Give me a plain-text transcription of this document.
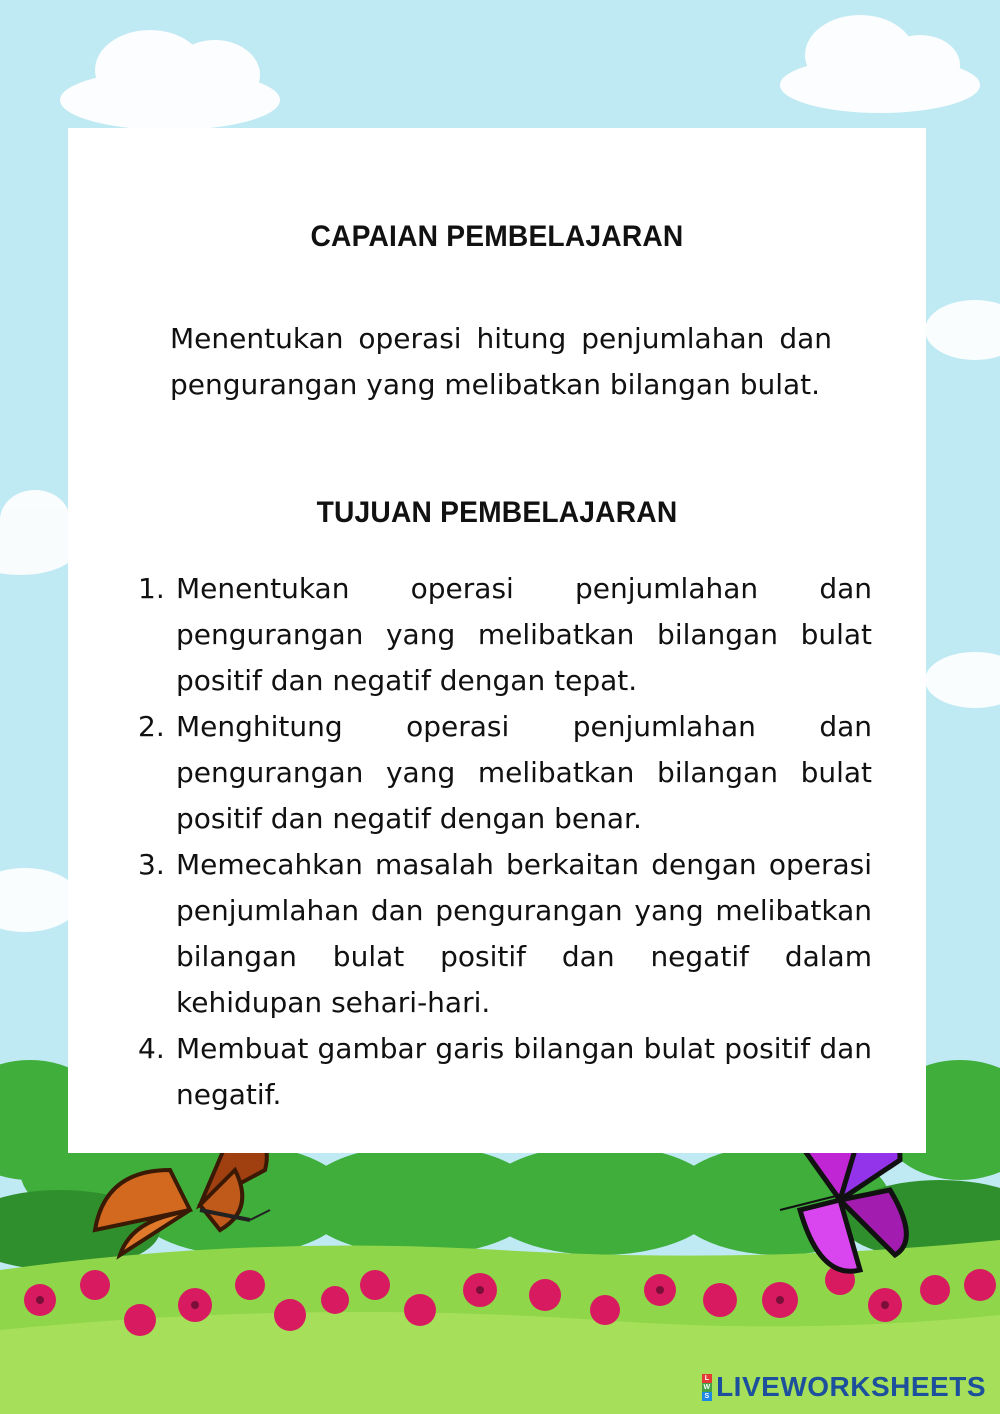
CAPAIAN PEMBELAJARAN
Menentukan operasi hitung penjumlahan dan pengurangan yang melibatkan bilangan bulat.
TUJUAN PEMBELAJARAN
1. Menentukan operasi penjumlahan dan pengurangan yang melibatkan bilangan bulat positif dan negatif dengan tepat.
2. Menghitung operasi penjumlahan dan pengurangan yang melibatkan bilangan bulat positif dan negatif dengan benar.
3. Memecahkan masalah berkaitan dengan operasi penjumlahan dan pengurangan yang melibatkan bilangan bulat positif dan negatif dalam kehidupan sehari-hari.
4. Membuat gambar garis bilangan bulat positif dan negatif.
L
W
S LIVEWORKSHEETS
